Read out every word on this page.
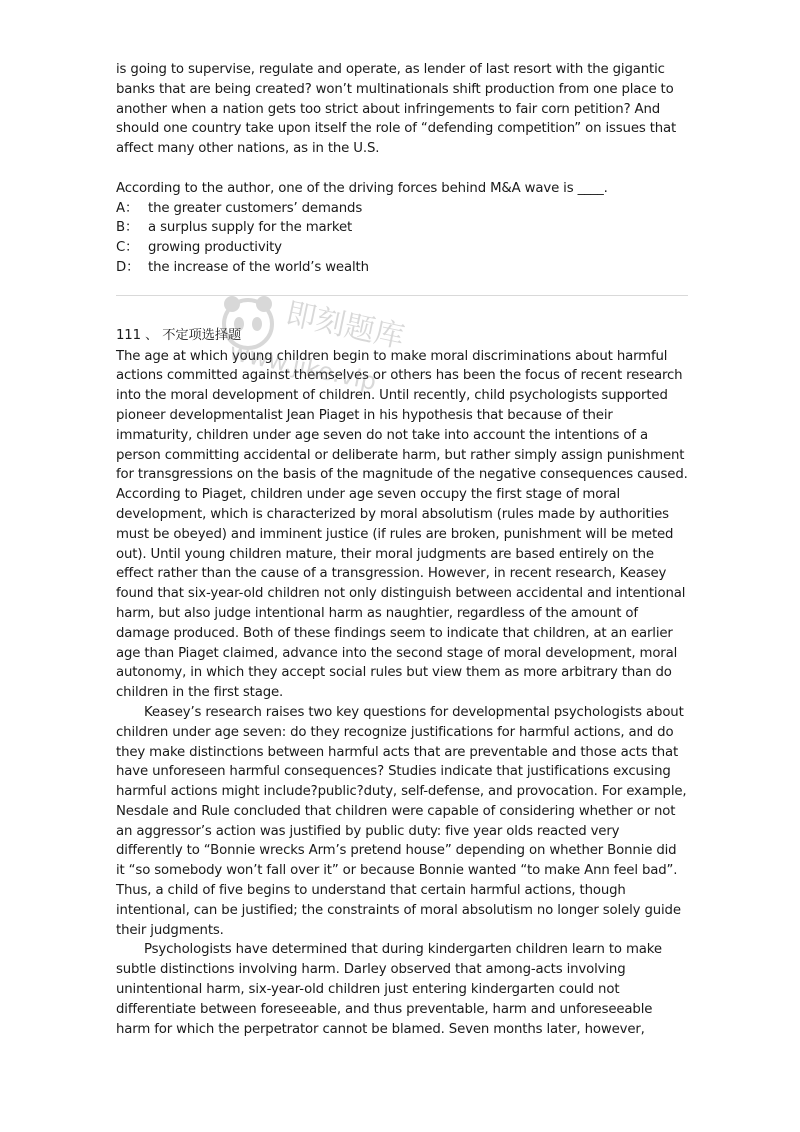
is going to supervise, regulate and operate, as lender of last resort with the gigantic banks that are being created? won’t multinationals shift production from one place to another when a nation gets too strict about infringements to fair corn petition? And should one country take upon itself the role of “defending competition” on issues that affect many other nations, as in the U.S.

According to the author, one of the driving forces behind M&A wave is ____.

A： the greater customers’ demands
B： a surplus supply for the market
C： growing productivity
D： the increase of the world’s wealth

111 、 不定项选择题

The age at which young children begin to make moral discriminations about harmful actions committed against themselves or others has been the focus of recent research into the moral development of children. Until recently, child psychologists supported pioneer developmentalist Jean Piaget in his hypothesis that because of their immaturity, children under age seven do not take into account the intentions of a person committing accidental or deliberate harm, but rather simply assign punishment for transgressions on the basis of the magnitude of the negative consequences caused. According to Piaget, children under age seven occupy the first stage of moral development, which is characterized by moral absolutism (rules made by authorities must be obeyed) and imminent justice (if rules are broken, punishment will be meted out). Until young children mature, their moral judgments are based entirely on the effect rather than the cause of a transgression. However, in recent research, Keasey found that six-year-old children not only distinguish between accidental and intentional harm, but also judge intentional harm as naughtier, regardless of the amount of damage produced. Both of these findings seem to indicate that children, at an earlier age than Piaget claimed, advance into the second stage of moral development, moral autonomy, in which they accept social rules but view them as more arbitrary than do children in the first stage.

Keasey’s research raises two key questions for developmental psychologists about children under age seven: do they recognize justifications for harmful actions, and do they make distinctions between harmful acts that are preventable and those acts that have unforeseen harmful consequences? Studies indicate that justifications excusing harmful actions might include?public?duty, self-defense, and provocation. For example, Nesdale and Rule concluded that children were capable of considering whether or not an aggressor’s action was justified by public duty: five year olds reacted very differently to “Bonnie wrecks Arm’s pretend house” depending on whether Bonnie did it “so somebody won’t fall over it” or because Bonnie wanted “to make Ann feel bad”. Thus, a child of five begins to understand that certain harmful actions, though intentional, can be justified; the constraints of moral absolutism no longer solely guide their judgments.

Psychologists have determined that during kindergarten children learn to make subtle distinctions involving harm. Darley observed that among-acts involving unintentional harm, six-year-old children just entering kindergarten could not differentiate between foreseeable, and thus preventable, harm and unforeseeable harm for which the perpetrator cannot be blamed. Seven months later, however,

即刻题库
www.jike.vip
